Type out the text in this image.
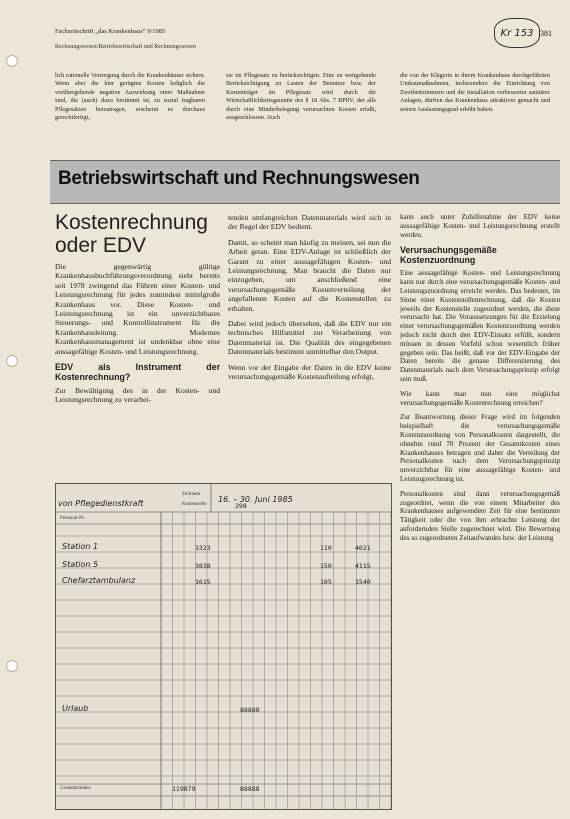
Fachzeitschrift „das Krankenhaus“ 9/1985	381
Rechnungswesen/Betriebswirtschaft und Rechnungswesen
Kr 153
lich rationelle Versorgung durch die Krankenhäuser sichern. Wenn aber die hier gerügten Kosten lediglich die vorübergehende negative Auswirkung einer Maßnahme sind, die (auch) dazu bestimmt ist, zu sozial tragbaren Pflegesätzen beizutragen, erscheint es durchaus gerechtfertigt,
sie im Pflegesatz zu berücksichtigen. Eine zu weitgehende Berücksichtigung zu Lasten der Benutzer bzw. der Kostenträger im Pflegesatz wird durch die Wirtschaftlichkeitsgarantie des § 18 Abs. 7 BPflV, der alle durch eine Minderbelegung verursachten Kosten erfaßt, ausgeschlossen. Auch
die von der Klägerin in ihrem Krankenhaus durchgeführten Umbaumaßnahmen, insbesondere die Einrichtung von Zweibettzimmern und die Installation verbesserter sanitärer Anlagen, dürften das Krankenhaus attraktiver gemacht und seinen Auslastungsgrad erhöht haben.
Betriebswirtschaft und Rechnungswesen
Kostenrechnung oder EDV

Die gegenwärtig gültige Krankenhausbuchführungsverordnung sieht bereits seit 1978 zwingend das Führen einer Kosten- und Leistungsrechnung für jedes zumindest mittelgroße Krankenhaus vor. Diese Kosten- und Leistungsrechnung ist ein unverzichtbares Steuerungs- und Kontrollinstrument für die Krankenhausleitung. Modernes Krankenhausmanagement ist undenkbar ohne eine aussagefähige Kosten- und Leistungsrechnung.

EDV als Instrument der Kostenrechnung?

Zur Bewältigung des in der Kosten- und Leistungsrechnung zu verarbei-

tenden umfangreichen Datenmaterials wird sich in der Regel der EDV bedient.

Damit, so scheint man häufig zu meinen, sei nun die Arbeit getan. Eine EDV-Anlage ist schließlich der Garant zu einer aussagefähigen Kosten- und Leistungsrechnung. Man braucht die Daten nur einzugeben, um anschließend eine verursachungsgemäße Kostenverteilung der angefallenen Kosten auf die Kostenstellen zu erhalten.

Dabei wird jedoch übersehen, daß die EDV nur ein technisches Hilfsmittel zur Verarbeitung von Datenmaterial ist. Die Qualität des eingegebenen Datenmaterials bestimmt unmittelbar den Output.

Wenn vor der Eingabe der Daten in die EDV keine verursachungsgemäße Kostenaufteilung erfolgt,

kann auch unter Zuhilfenahme der EDV keine aussagefähige Kosten- und Leistungsrechnung erstellt werden.

Verursachungsgemäße Kostenzuordnung

Eine aussagefähige Kosten- und Leistungsrechnung kann nur durch eine verursachungsgemäße Kosten- und Leistungszuordnung erreicht werden. Das bedeutet, im Sinne einer Kostenstellenrechnung, daß die Kosten jeweils der Kostenstelle zugeordnet werden, die diese verursacht hat. Die Voraussetzungen für die Erzielung einer verursachungsgemäßen Kostenzuordnung werden jedoch nicht durch den EDV-Einsatz erfüllt, sondern müssen in dessen Vorfeld schon wesentlich früher gegeben sein. Das heißt, daß vor der EDV-Eingabe der Daten bereits die genaue Differenzierung des Datenmaterials nach dem Verursachungsprinzip erfolgt sein muß.

Wie kann man nun eine möglichst verursachungsgemäße Kostenrechnung erreichen?

Zur Beantwortung dieser Frage wird im folgenden beispielhaft die verursachungsgemäße Kostenzuordnung von Personalkosten dargestellt, die ohnehin rund 70 Prozent der Gesamtkosten eines Krankenhauses betragen und daher die Verteilung der Personalkosten nach dem Verursachungsprinzip unverzichtbar für eine aussagefähige Kosten- und Leistungsrechnung ist.

Personalkosten sind dann verursachungsgemäß zugeordnet, wenn die von einem Mitarbeiter des Krankenhauses aufgewendete Zeit für eine bestimmte Tätigkeit oder die von ihm erbrachte Leistung der anfordernden Stelle zugerechnet wird. Die Bewertung des so zugeordneten Zeitaufwandes bzw. der Leistung

von Pflegedienstkraft
Zeitraum
16. – 30. Juni 1985
Kostenstelle
Personal-Nr.
298
Station 1	3323	110	4021
Station 5	3838	150	4115
Chefarztambulanz	1615	105	1540
Urlaub	88888
Gesamtstunden	119879	88888
